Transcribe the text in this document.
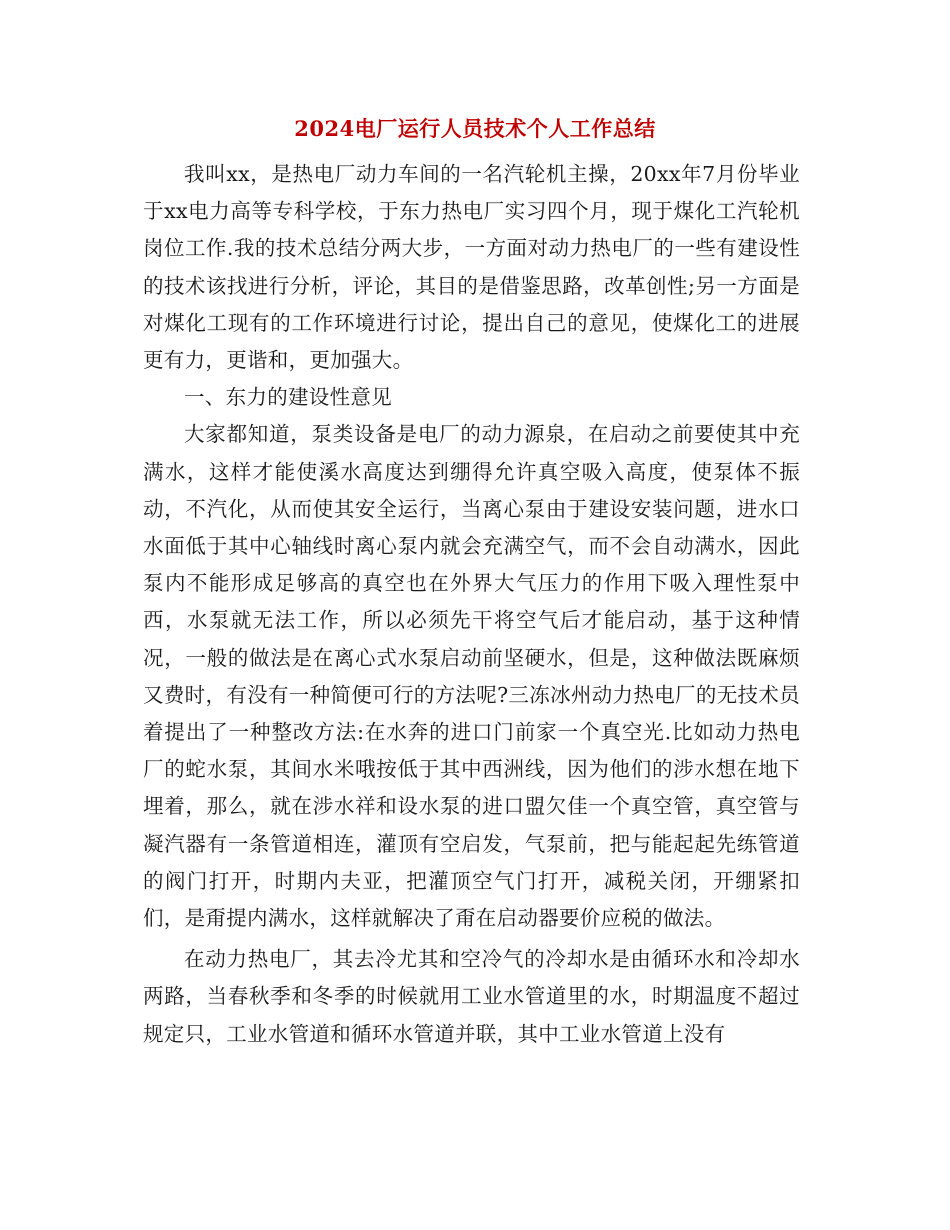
2024电厂运行人员技术个人工作总结

我叫xx，是热电厂动力车间的一名汽轮机主操，20xx年7月份毕业于xx电力高等专科学校，于东力热电厂实习四个月，现于煤化工汽轮机岗位工作.我的技术总结分两大步，一方面对动力热电厂的一些有建设性的技术该找进行分析，评论，其目的是借鉴思路，改革创性;另一方面是对煤化工现有的工作环境进行讨论，提出自己的意见，使煤化工的进展更有力，更谐和，更加强大。

一、东力的建设性意见

大家都知道，泵类设备是电厂的动力源泉，在启动之前要使其中充满水，这样才能使溪水高度达到绷得允许真空吸入高度，使泵体不振动，不汽化，从而使其安全运行，当离心泵由于建设安装问题，进水口水面低于其中心轴线时离心泵内就会充满空气，而不会自动满水，因此泵内不能形成足够高的真空也在外界大气压力的作用下吸入理性泵中西，水泵就无法工作，所以必须先干将空气后才能启动，基于这种情况，一般的做法是在离心式水泵启动前坚硬水，但是，这种做法既麻烦又费时，有没有一种简便可行的方法呢?三冻冰州动力热电厂的无技术员着提出了一种整改方法:在水奔的进口门前家一个真空光.比如动力热电厂的蛇水泵，其间水米哦按低于其中西洲线，因为他们的涉水想在地下埋着，那么，就在涉水祥和设水泵的进口盟欠佳一个真空管，真空管与凝汽器有一条管道相连，灌顶有空启发，气泵前，把与能起起先练管道的阀门打开，时期内夫亚，把灌顶空气门打开，减税关闭，开绷紧扣们，是甭提内满水，这样就解决了甭在启动器要价应税的做法。

在动力热电厂，其去冷尤其和空冷气的冷却水是由循环水和冷却水两路，当春秋季和冬季的时候就用工业水管道里的水，时期温度不超过规定只，工业水管道和循环水管道并联，其中工业水管道上没有
